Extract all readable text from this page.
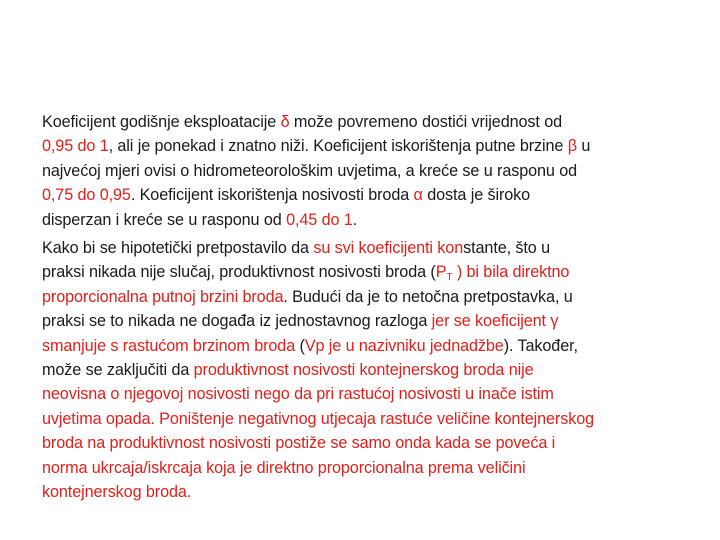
Koeficijent godišnje eksploatacije δ može povremeno dostići vrijednost od
0,95 do 1, ali je ponekad i znatno niži. Koeficijent iskorištenja putne brzine β u
najvećoj mjeri ovisi o hidrometeorološkim uvjetima, a kreće se u rasponu od
0,75 do 0,95. Koeficijent iskorištenja nosivosti broda α dosta je široko
disperzan i kreće se u rasponu od 0,45 do 1.
Kako bi se hipotetički pretpostavilo da su svi koeficijenti konstante, što u
praksi nikada nije slučaj, produktivnost nosivosti broda ($P_T$ ) bi bila direktno
proporcionalna putnoj brzini broda. Budući da je to netočna pretpostavka, u
praksi se to nikada ne događa iz jednostavnog razloga jer se koeficijent γ
smanjuje s rastućom brzinom broda (Vp je u nazivniku jednadžbe). Također,
može se zaključiti da produktivnost nosivosti kontejnerskog broda nije
neovisna o njegovoj nosivosti nego da pri rastućoj nosivosti u inače istim
uvjetima opada. Poništenje negativnog utjecaja rastuće veličine kontejnerskog
broda na produktivnost nosivosti postiže se samo onda kada se poveća i
norma ukrcaja/iskrcaja koja je direktno proporcionalna prema veličini
kontejnerskog broda.
